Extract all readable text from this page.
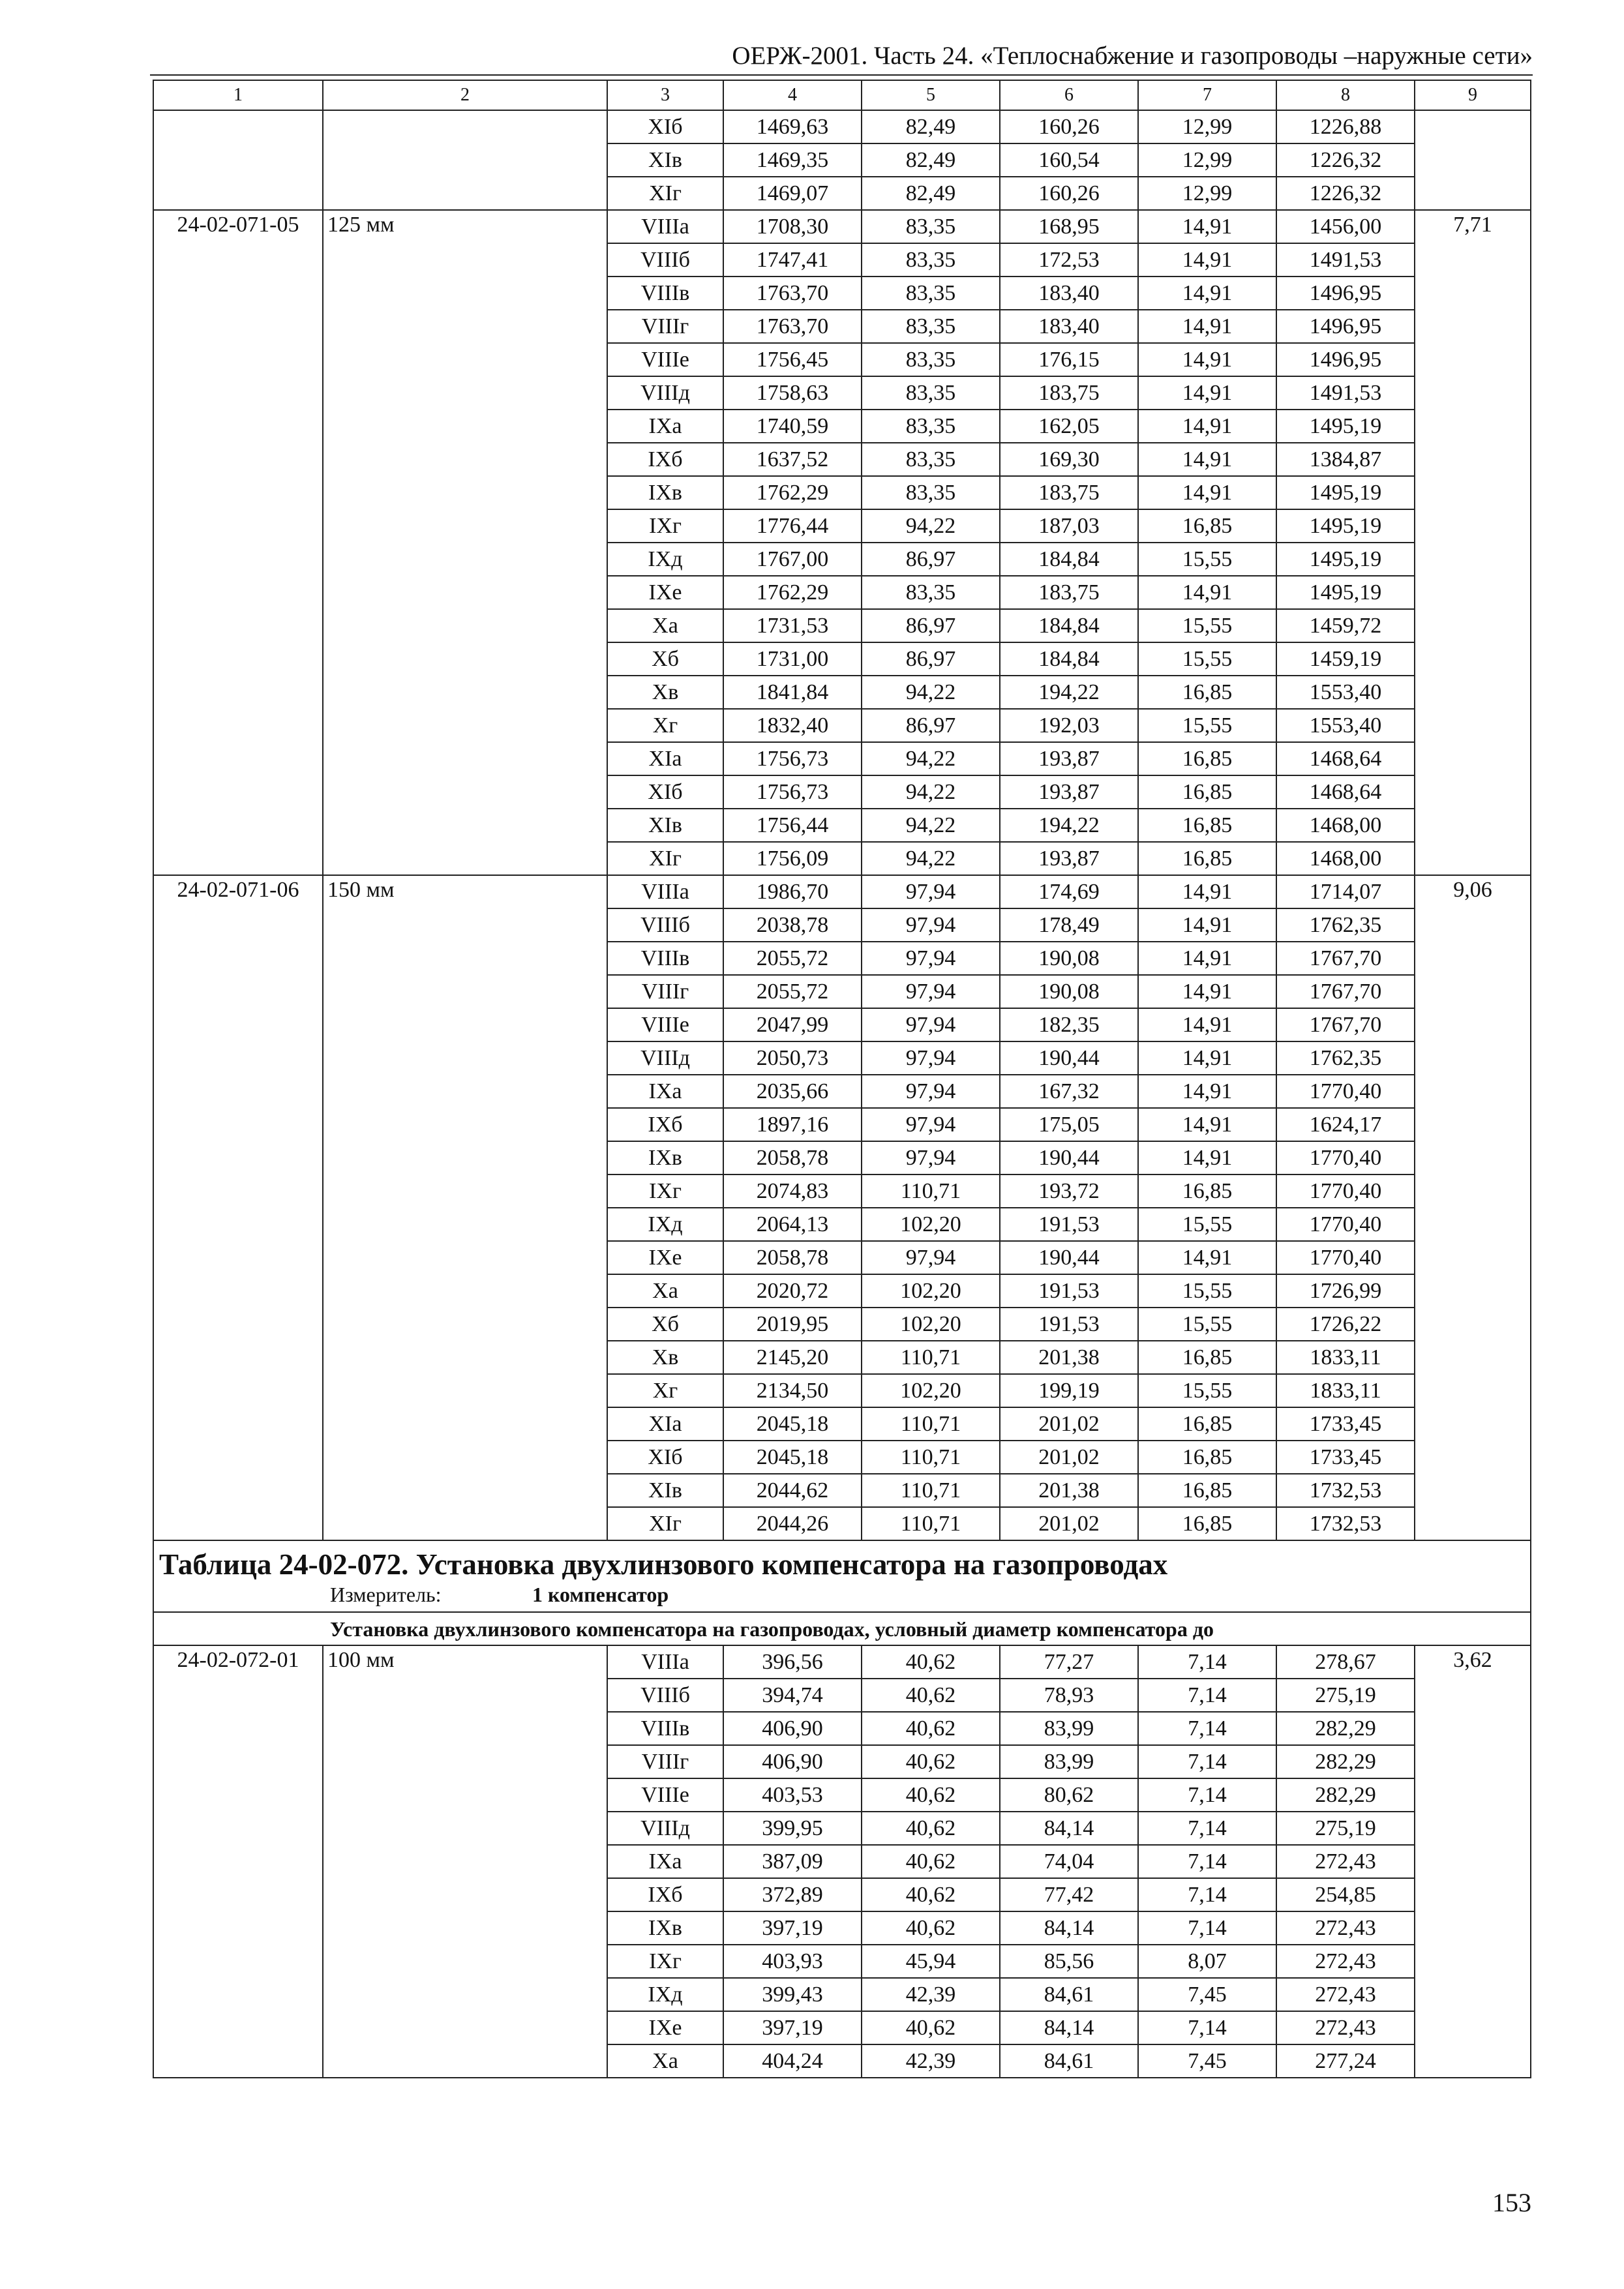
ОЕРЖ-2001. Часть 24. «Теплоснабжение и газопроводы –наружные сети»
1	2	3	4	5	6	7	8	9
		XIб	1469,63	82,49	160,26	12,99	1226,88	
		XIв	1469,35	82,49	160,54	12,99	1226,32	
		XIг	1469,07	82,49	160,26	12,99	1226,32	
24-02-071-05	125 мм	VIIIа	1708,30	83,35	168,95	14,91	1456,00	7,71
		VIIIб	1747,41	83,35	172,53	14,91	1491,53	
		VIIIв	1763,70	83,35	183,40	14,91	1496,95	
		VIIIг	1763,70	83,35	183,40	14,91	1496,95	
		VIIIе	1756,45	83,35	176,15	14,91	1496,95	
		VIIIд	1758,63	83,35	183,75	14,91	1491,53	
		IXа	1740,59	83,35	162,05	14,91	1495,19	
		IXб	1637,52	83,35	169,30	14,91	1384,87	
		IXв	1762,29	83,35	183,75	14,91	1495,19	
		IXг	1776,44	94,22	187,03	16,85	1495,19	
		IXд	1767,00	86,97	184,84	15,55	1495,19	
		IXе	1762,29	83,35	183,75	14,91	1495,19	
		Xа	1731,53	86,97	184,84	15,55	1459,72	
		Xб	1731,00	86,97	184,84	15,55	1459,19	
		Xв	1841,84	94,22	194,22	16,85	1553,40	
		Xг	1832,40	86,97	192,03	15,55	1553,40	
		XIа	1756,73	94,22	193,87	16,85	1468,64	
		XIб	1756,73	94,22	193,87	16,85	1468,64	
		XIв	1756,44	94,22	194,22	16,85	1468,00	
		XIг	1756,09	94,22	193,87	16,85	1468,00	
24-02-071-06	150 мм	VIIIа	1986,70	97,94	174,69	14,91	1714,07	9,06
		VIIIб	2038,78	97,94	178,49	14,91	1762,35	
		VIIIв	2055,72	97,94	190,08	14,91	1767,70	
		VIIIг	2055,72	97,94	190,08	14,91	1767,70	
		VIIIе	2047,99	97,94	182,35	14,91	1767,70	
		VIIIд	2050,73	97,94	190,44	14,91	1762,35	
		IXа	2035,66	97,94	167,32	14,91	1770,40	
		IXб	1897,16	97,94	175,05	14,91	1624,17	
		IXв	2058,78	97,94	190,44	14,91	1770,40	
		IXг	2074,83	110,71	193,72	16,85	1770,40	
		IXд	2064,13	102,20	191,53	15,55	1770,40	
		IXе	2058,78	97,94	190,44	14,91	1770,40	
		Xа	2020,72	102,20	191,53	15,55	1726,99	
		Xб	2019,95	102,20	191,53	15,55	1726,22	
		Xв	2145,20	110,71	201,38	16,85	1833,11	
		Xг	2134,50	102,20	199,19	15,55	1833,11	
		XIа	2045,18	110,71	201,02	16,85	1733,45	
		XIб	2045,18	110,71	201,02	16,85	1733,45	
		XIв	2044,62	110,71	201,38	16,85	1732,53	
		XIг	2044,26	110,71	201,02	16,85	1732,53	

Таблица 24-02-072. Установка двухлинзового компенсатора на газопроводах
Измеритель: 1 компенсатор								

Установка двухлинзового компенсатора на газопроводах, условный диаметр компенсатора до								
24-02-072-01	100 мм	VIIIа	396,56	40,62	77,27	7,14	278,67	3,62
		VIIIб	394,74	40,62	78,93	7,14	275,19	
		VIIIв	406,90	40,62	83,99	7,14	282,29	
		VIIIг	406,90	40,62	83,99	7,14	282,29	
		VIIIе	403,53	40,62	80,62	7,14	282,29	
		VIIIд	399,95	40,62	84,14	7,14	275,19	
		IXа	387,09	40,62	74,04	7,14	272,43	
		IXб	372,89	40,62	77,42	7,14	254,85	
		IXв	397,19	40,62	84,14	7,14	272,43	
		IXг	403,93	45,94	85,56	8,07	272,43	
		IXд	399,43	42,39	84,61	7,45	272,43	
		IXе	397,19	40,62	84,14	7,14	272,43	
		Xа	404,24	42,39	84,61	7,45	277,24	
153
